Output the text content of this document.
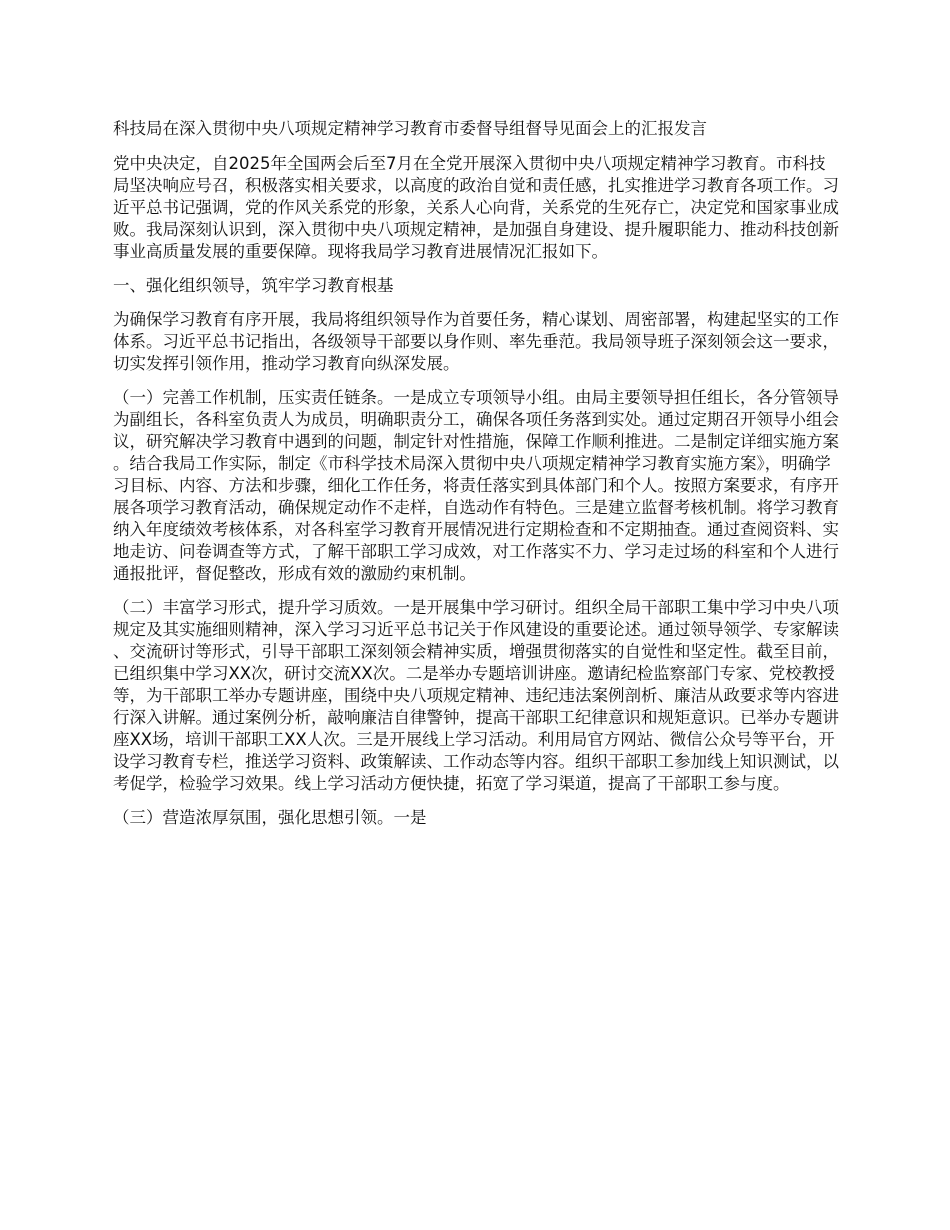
科技局在深入贯彻中央八项规定精神学习教育市委督导组督导见面会上的汇报发言

党中央决定，自2025年全国两会后至7月在全党开展深入贯彻中央八项规定精神学习教育。市科技局坚决响应号召，积极落实相关要求，以高度的政治自觉和责任感，扎实推进学习教育各项工作。习近平总书记强调，党的作风关系党的形象，关系人心向背，关系党的生死存亡，决定党和国家事业成败。我局深刻认识到，深入贯彻中央八项规定精神，是加强自身建设、提升履职能力、推动科技创新事业高质量发展的重要保障。现将我局学习教育进展情况汇报如下。

一、强化组织领导，筑牢学习教育根基

为确保学习教育有序开展，我局将组织领导作为首要任务，精心谋划、周密部署，构建起坚实的工作体系。习近平总书记指出，各级领导干部要以身作则、率先垂范。我局领导班子深刻领会这一要求，切实发挥引领作用，推动学习教育向纵深发展。

（一）完善工作机制，压实责任链条。一是成立专项领导小组。由局主要领导担任组长，各分管领导为副组长，各科室负责人为成员，明确职责分工，确保各项任务落到实处。通过定期召开领导小组会议，研究解决学习教育中遇到的问题，制定针对性措施，保障工作顺利推进。二是制定详细实施方案。结合我局工作实际，制定《市科学技术局深入贯彻中央八项规定精神学习教育实施方案》，明确学习目标、内容、方法和步骤，细化工作任务，将责任落实到具体部门和个人。按照方案要求，有序开展各项学习教育活动，确保规定动作不走样，自选动作有特色。三是建立监督考核机制。将学习教育纳入年度绩效考核体系，对各科室学习教育开展情况进行定期检查和不定期抽查。通过查阅资料、实地走访、问卷调查等方式，了解干部职工学习成效，对工作落实不力、学习走过场的科室和个人进行通报批评，督促整改，形成有效的激励约束机制。

（二）丰富学习形式，提升学习质效。一是开展集中学习研讨。组织全局干部职工集中学习中央八项规定及其实施细则精神，深入学习习近平总书记关于作风建设的重要论述。通过领导领学、专家解读、交流研讨等形式，引导干部职工深刻领会精神实质，增强贯彻落实的自觉性和坚定性。截至目前，已组织集中学习XX次，研讨交流XX次。二是举办专题培训讲座。邀请纪检监察部门专家、党校教授等，为干部职工举办专题讲座，围绕中央八项规定精神、违纪违法案例剖析、廉洁从政要求等内容进行深入讲解。通过案例分析，敲响廉洁自律警钟，提高干部职工纪律意识和规矩意识。已举办专题讲座XX场，培训干部职工XX人次。三是开展线上学习活动。利用局官方网站、微信公众号等平台，开设学习教育专栏，推送学习资料、政策解读、工作动态等内容。组织干部职工参加线上知识测试，以考促学，检验学习效果。线上学习活动方便快捷，拓宽了学习渠道，提高了干部职工参与度。

（三）营造浓厚氛围，强化思想引领。一是
